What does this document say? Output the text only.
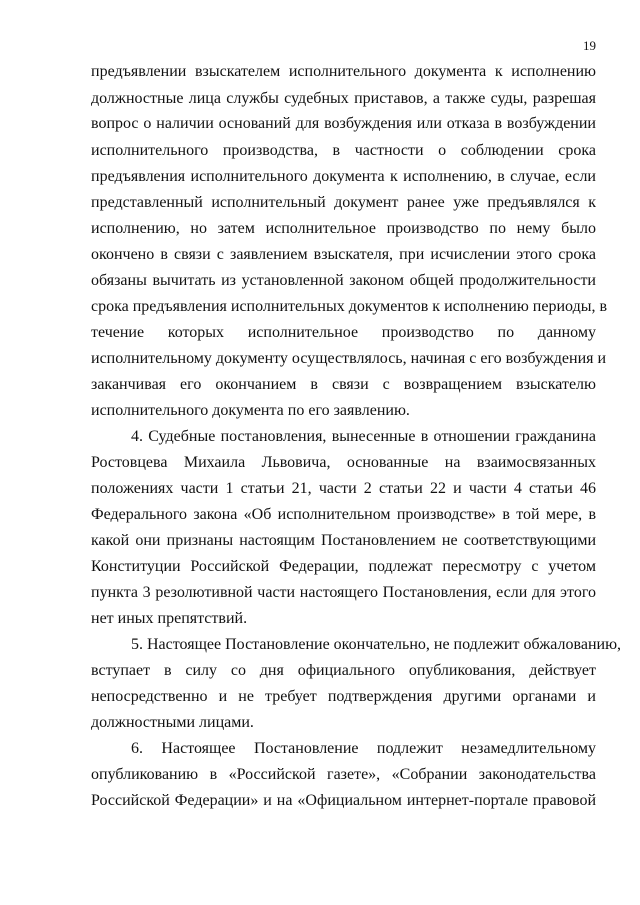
19
предъявлении взыскателем исполнительного документа к исполнению
должностные лица службы судебных приставов, а также суды, разрешая
вопрос о наличии оснований для возбуждения или отказа в возбуждении
исполнительного производства, в частности о соблюдении срока
предъявления исполнительного документа к исполнению, в случае, если
представленный исполнительный документ ранее уже предъявлялся к
исполнению, но затем исполнительное производство по нему было
окончено в связи с заявлением взыскателя, при исчислении этого срока
обязаны вычитать из установленной законом общей продолжительности
срока предъявления исполнительных документов к исполнению периоды, в
течение которых исполнительное производство по данному
исполнительному документу осуществлялось, начиная с его возбуждения и
заканчивая его окончанием в связи с возвращением взыскателю
исполнительного документа по его заявлению.
4. Судебные постановления, вынесенные в отношении гражданина
Ростовцева Михаила Львовича, основанные на взаимосвязанных
положениях части 1 статьи 21, части 2 статьи 22 и части 4 статьи 46
Федерального закона «Об исполнительном производстве» в той мере, в
какой они признаны настоящим Постановлением не соответствующими
Конституции Российской Федерации, подлежат пересмотру с учетом
пункта 3 резолютивной части настоящего Постановления, если для этого
нет иных препятствий.
5. Настоящее Постановление окончательно, не подлежит обжалованию,
вступает в силу со дня официального опубликования, действует
непосредственно и не требует подтверждения другими органами и
должностными лицами.
6. Настоящее Постановление подлежит незамедлительному
опубликованию в «Российской газете», «Собрании законодательства
Российской Федерации» и на «Официальном интернет-портале правовой
